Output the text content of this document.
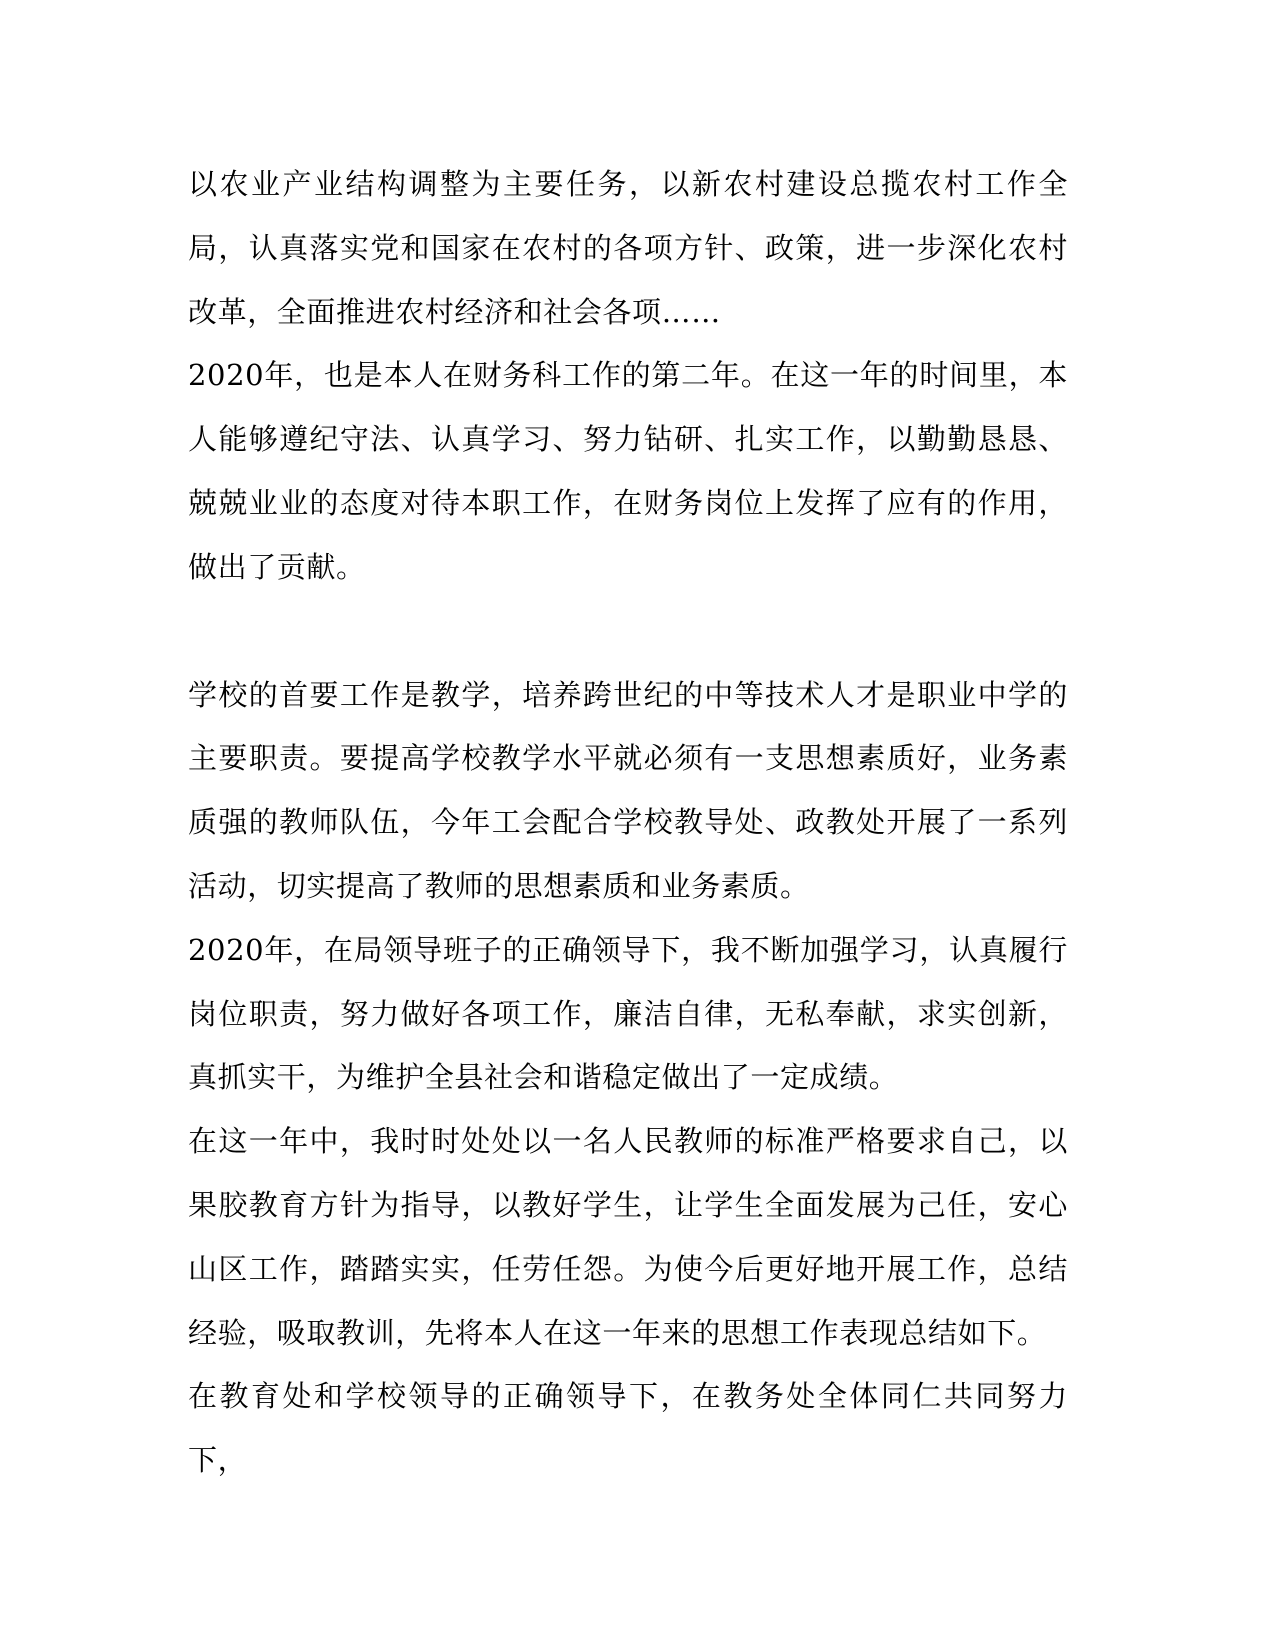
以农业产业结构调整为主要任务，以新农村建设总揽农村工作全局，认真落实党和国家在农村的各项方针、政策，进一步深化农村改革，全面推进农村经济和社会各项……

2020年，也是本人在财务科工作的第二年。在这一年的时间里，本人能够遵纪守法、认真学习、努力钻研、扎实工作，以勤勤恳恳、兢兢业业的态度对待本职工作，在财务岗位上发挥了应有的作用，做出了贡献。

学校的首要工作是教学，培养跨世纪的中等技术人才是职业中学的主要职责。要提高学校教学水平就必须有一支思想素质好，业务素质强的教师队伍，今年工会配合学校教导处、政教处开展了一系列活动，切实提高了教师的思想素质和业务素质。

2020年，在局领导班子的正确领导下，我不断加强学习，认真履行岗位职责，努力做好各项工作，廉洁自律，无私奉献，求实创新，真抓实干，为维护全县社会和谐稳定做出了一定成绩。

在这一年中，我时时处处以一名人民教师的标准严格要求自己，以果胶教育方针为指导，以教好学生，让学生全面发展为己任，安心山区工作，踏踏实实，任劳任怨。为使今后更好地开展工作，总结经验，吸取教训，先将本人在这一年来的思想工作表现总结如下。

在教育处和学校领导的正确领导下，在教务处全体同仁共同努力下，
